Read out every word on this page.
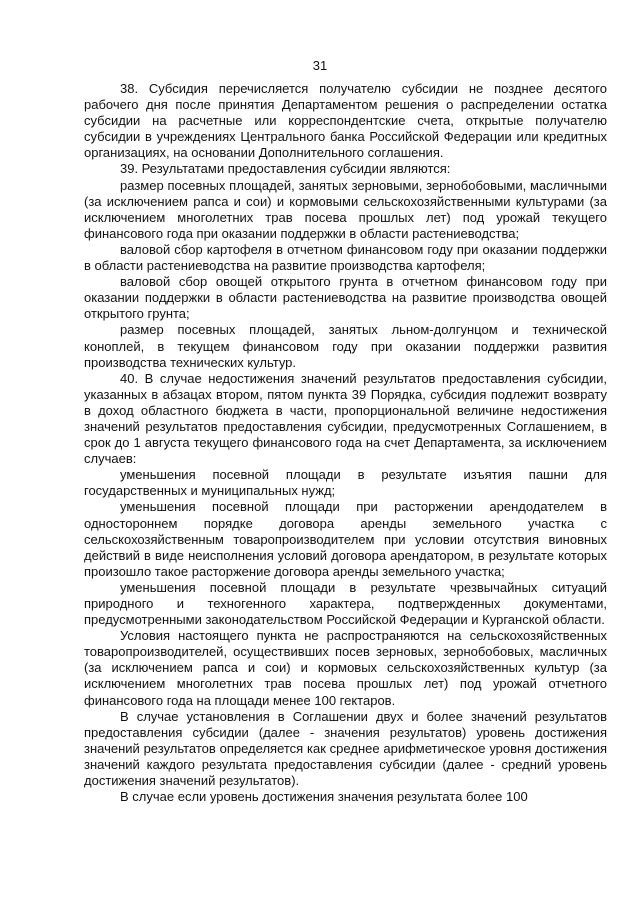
31

38. Субсидия перечисляется получателю субсидии не позднее десятого рабочего дня после принятия Департаментом решения о распределении остатка субсидии на расчетные или корреспондентские счета, открытые получателю субсидии в учреждениях Центрального банка Российской Федерации или кредитных организациях, на основании Дополнительного соглашения.

39. Результатами предоставления субсидии являются:

размер посевных площадей, занятых зерновыми, зернобобовыми, масличными (за исключением рапса и сои) и кормовыми сельскохозяйственными культурами (за исключением многолетних трав посева прошлых лет) под урожай текущего финансового года при оказании поддержки в области растениеводства;

валовой сбор картофеля в отчетном финансовом году при оказании поддержки в области растениеводства на развитие производства картофеля;

валовой сбор овощей открытого грунта в отчетном финансовом году при оказании поддержки в области растениеводства на развитие производства овощей открытого грунта;

размер посевных площадей, занятых льном-долгунцом и технической коноплей, в текущем финансовом году при оказании поддержки развития производства технических культур.

40. В случае недостижения значений результатов предоставления субсидии, указанных в абзацах втором, пятом пункта 39 Порядка, субсидия подлежит возврату в доход областного бюджета в части, пропорциональной величине недостижения значений результатов предоставления субсидии, предусмотренных Соглашением, в срок до 1 августа текущего финансового года на счет Департамента, за исключением случаев:

уменьшения посевной площади в результате изъятия пашни для государственных и муниципальных нужд;

уменьшения посевной площади при расторжении арендодателем в одностороннем порядке договора аренды земельного участка с сельскохозяйственным товаропроизводителем при условии отсутствия виновных действий в виде неисполнения условий договора арендатором, в результате которых произошло такое расторжение договора аренды земельного участка;

уменьшения посевной площади в результате чрезвычайных ситуаций природного и техногенного характера, подтвержденных документами, предусмотренными законодательством Российской Федерации и Курганской области.

Условия настоящего пункта не распространяются на сельскохозяйственных товаропроизводителей, осуществивших посев зерновых, зернобобовых, масличных (за исключением рапса и сои) и кормовых сельскохозяйственных культур (за исключением многолетних трав посева прошлых лет) под урожай отчетного финансового года на площади менее 100 гектаров.

В случае установления в Соглашении двух и более значений результатов предоставления субсидии (далее - значения результатов) уровень достижения значений результатов определяется как среднее арифметическое уровня достижения значений каждого результата предоставления субсидии (далее - средний уровень достижения значений результатов).

В случае если уровень достижения значения результата более 100
